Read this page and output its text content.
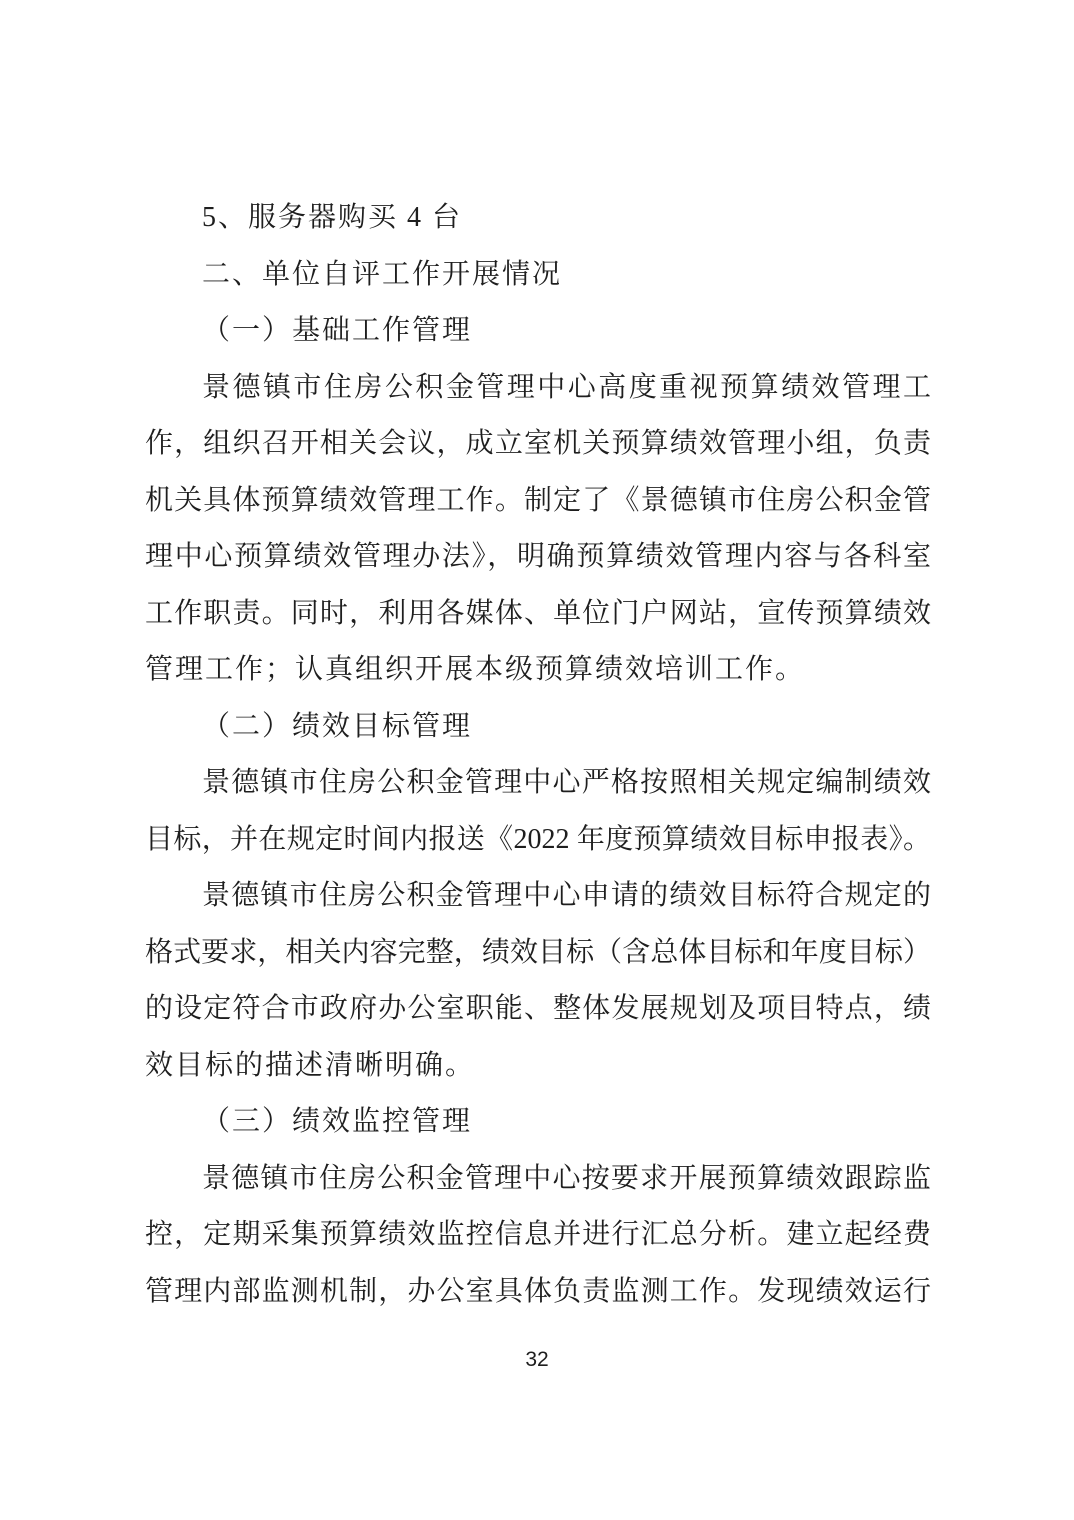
5、服务器购买 4 台
二、单位自评工作开展情况
（一）基础工作管理
景德镇市住房公积金管理中心高度重视预算绩效管理工
作，组织召开相关会议，成立室机关预算绩效管理小组，负责
机关具体预算绩效管理工作。制定了《景德镇市住房公积金管
理中心预算绩效管理办法》，明确预算绩效管理内容与各科室
工作职责。同时，利用各媒体、单位门户网站，宣传预算绩效
管理工作；认真组织开展本级预算绩效培训工作。
（二）绩效目标管理
景德镇市住房公积金管理中心严格按照相关规定编制绩效
目标，并在规定时间内报送《2022 年度预算绩效目标申报表》。
景德镇市住房公积金管理中心申请的绩效目标符合规定的
格式要求，相关内容完整，绩效目标（含总体目标和年度目标）
的设定符合市政府办公室职能、整体发展规划及项目特点，绩
效目标的描述清晰明确。
（三）绩效监控管理
景德镇市住房公积金管理中心按要求开展预算绩效跟踪监
控，定期采集预算绩效监控信息并进行汇总分析。建立起经费
管理内部监测机制，办公室具体负责监测工作。发现绩效运行
32
